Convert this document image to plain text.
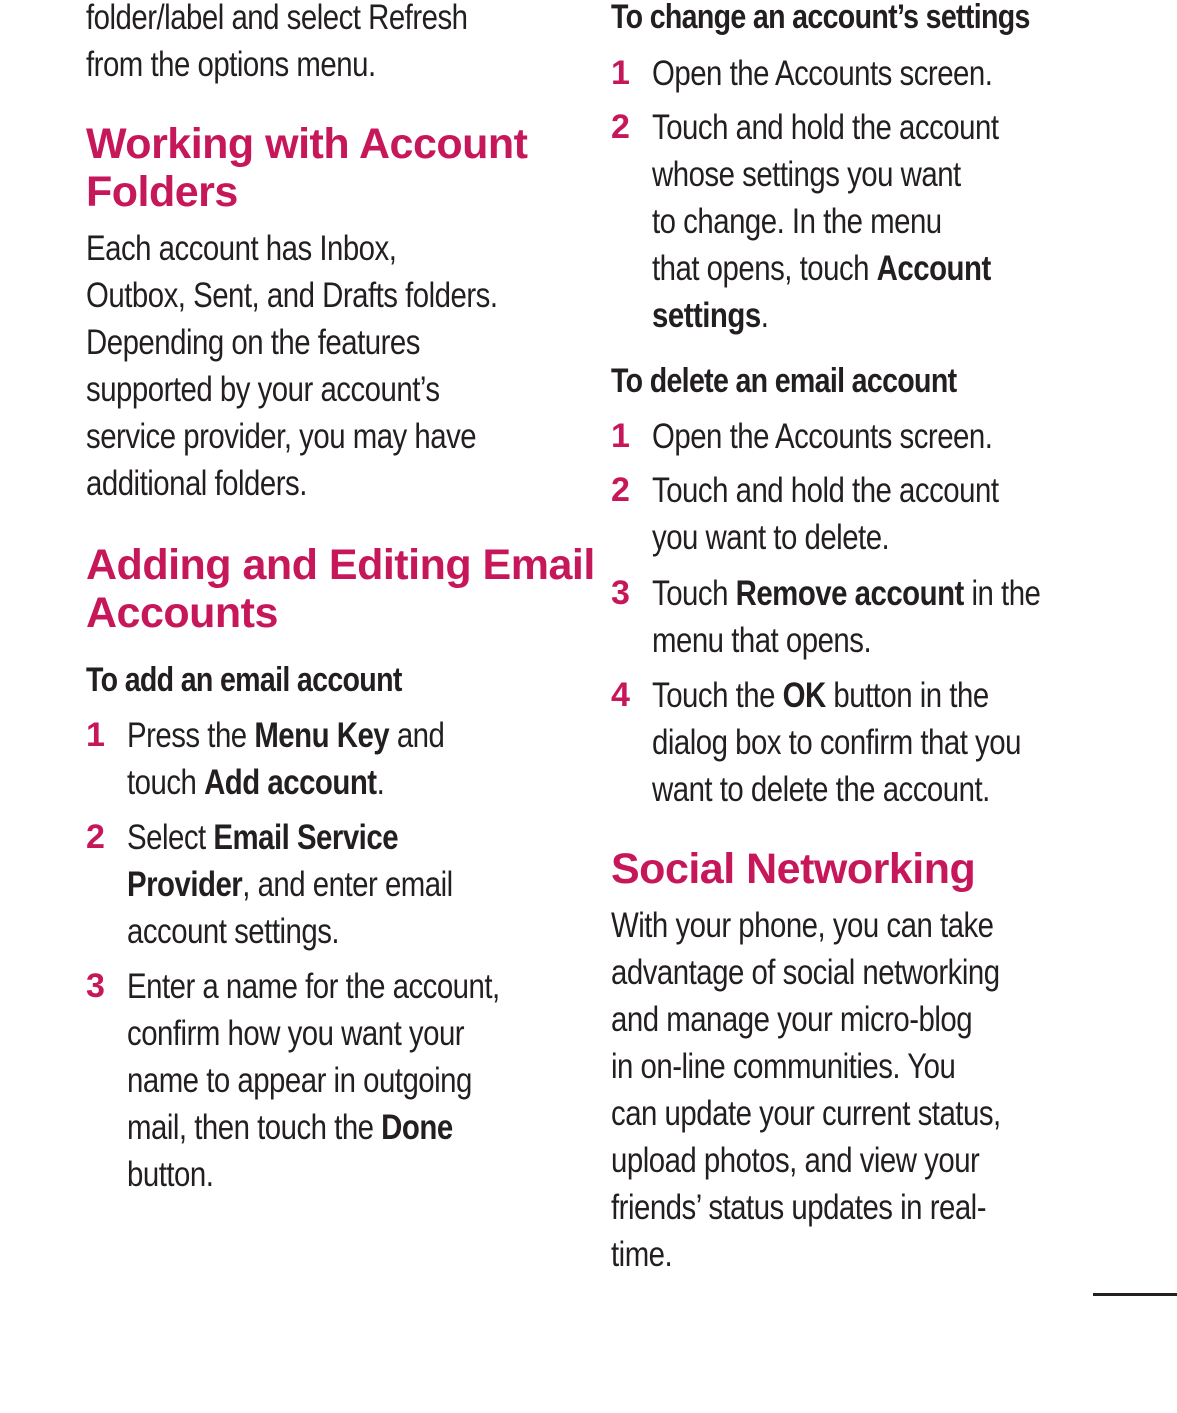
folder/label and select Refresh
from the options menu.
Working with Account
Folders
Each account has Inbox,
Outbox, Sent, and Drafts folders.
Depending on the features
supported by your account’s
service provider, you may have
additional folders.
Adding and Editing Email
Accounts
To add an email account
1 Press the Menu Key and
touch Add account.
2 Select Email Service
Provider, and enter email
account settings.
3 Enter a name for the account,
confirm how you want your
name to appear in outgoing
mail, then touch the Done
button.
To change an account’s settings
1 Open the Accounts screen.
2 Touch and hold the account
whose settings you want
to change. In the menu
that opens, touch Account
settings.
To delete an email account
1 Open the Accounts screen.
2 Touch and hold the account
you want to delete.
3 Touch Remove account in the
menu that opens.
4 Touch the OK button in the
dialog box to confirm that you
want to delete the account.
Social Networking
With your phone, you can take
advantage of social networking
and manage your micro-blog
in on-line communities. You
can update your current status,
upload photos, and view your
friends’ status updates in real-
time.
